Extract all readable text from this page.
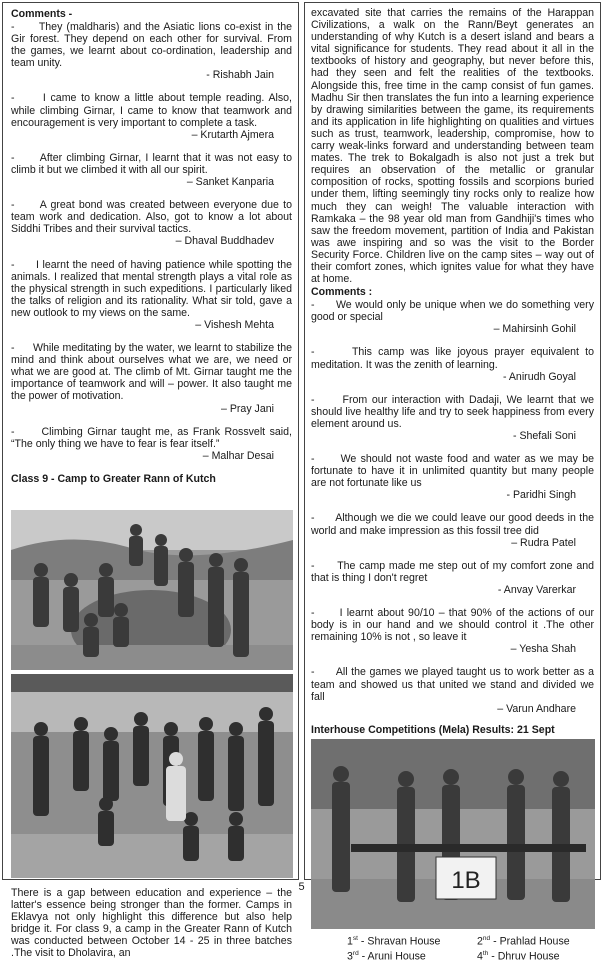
Comments -

-      They (maldharis) and the Asiatic lions co-exist in the Gir forest. They depend on each other for survival. From the games, we learnt about co-ordination, leadership and team unity.
- Rishabh Jain

-      I came to know a little about temple reading. Also, while climbing Girnar, I came to know that teamwork and encouragement is very important to complete a task.
– Krutarth Ajmera

-      After climbing Girnar, I learnt that it was not easy to climb it but we climbed it with all our spirit.
– Sanket Kanparia

-      A great bond was created between everyone due to team work and dedication. Also, got to know a lot about Siddhi Tribes and their survival tactics.
– Dhaval Buddhadev

-      I learnt the need of having patience while spotting the animals. I realized that mental strength plays a vital role as the physical strength in such expeditions. I particularly liked the talks of religion and its rationality. What sir told, gave a new outlook to my views on the same.
– Vishesh Mehta

-      While meditating by the water, we learnt to stabilize the mind and think about ourselves what we are, we need or what we are good at. The climb of Mt. Girnar taught me the importance of teamwork and will – power. It also taught me the power of motivation.
– Pray Jani

-      Climbing Girnar taught me, as Frank Rossvelt said, “The only thing we have to fear is fear itself.”
– Malhar Desai

Class 9 - Camp to Greater Rann of Kutch

There is a gap between education and experience – the latter's essence being stronger than the former. Camps in Eklavya not only highlight this difference but also help bridge it. For class 9, a camp in the Greater Rann of Kutch was conducted between October 14 - 25 in three batches .The visit to Dholavira, an

excavated site that carries the remains of the Harappan Civilizations, a walk on the Rann/Beyt generates an understanding of why Kutch is a desert island and bears a vital significance for students. They read about it all in the textbooks of history and geography, but never before this, had they seen and felt the realities of the textbooks. Alongside this, free time in the camp consist of fun games. Madhu Sir then translates the fun into a learning experience by drawing similarities between the game, its requirements and its application in life highlighting on qualities and virtues such as trust, teamwork, leadership, compromise, how to carry weak-links forward and understanding between team mates. The trek to Bokalgadh is also not just a trek but requires an observation of the metallic or granular composition of rocks, spotting fossils and scorpions buried under them, lifting seemingly tiny rocks only to realize how much they can weigh! The valuable interaction with Ramkaka – the 98 year old man from Gandhiji's times who saw the freedom movement, partition of India and Pakistan was awe inspiring and so was the visit to the Border Security Force. Children live on the camp sites – way out of their comfort zones, which ignites value for what they have at home.

Comments :

-      We would only be unique when we do something very good or special
– Mahirsinh Gohil

-      This camp was like joyous prayer equivalent to meditation. It was the zenith of learning.
- Anirudh Goyal

-      From our interaction with Dadaji, We learnt that we should live healthy life and try to seek happiness from every element around us.
- Shefali Soni

-      We should not waste food and water as we may be fortunate to have it in unlimited quantity but many people are not fortunate like us
- Paridhi Singh

-      Although we die we could leave our good deeds in the world and make impression as this fossil tree did
– Rudra Patel

-      The camp made me step out of my comfort zone and that is thing I don't regret
- Anvay Varerkar

-      I learnt about 90/10 – that 90% of the actions of our body is in our hand and we should control it .The other remaining 10% is not , so leave it
– Yesha Shah

-      All the games we played taught us to work better as a team and showed us that united we stand and divided we fall
– Varun Andhare

Interhouse Competitions (Mela) Results: 21 Sept

1B
1st - Shravan House	2nd - Prahlad House
3rd - Aruni House	4th - Dhruv House
5
